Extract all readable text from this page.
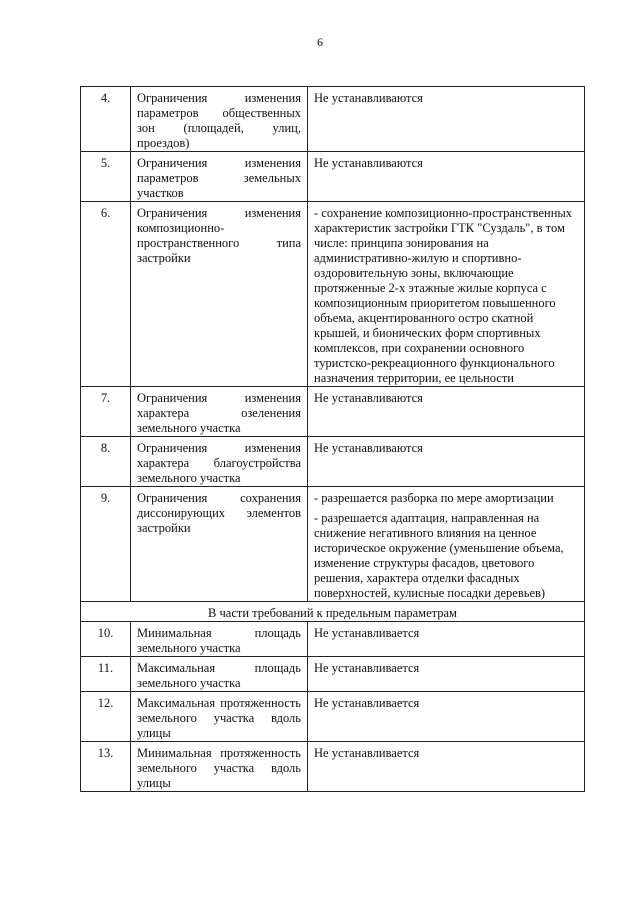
6
4.	Ограничения изменения параметров общественных зон (площадей, улиц, проездов)	Не устанавливаются

5.	Ограничения изменения параметров земельных участков	Не устанавливаются

6.	Ограничения изменения композиционно-пространственного типа застройки	- сохранение композиционно-пространственных характеристик застройки ГТК "Суздаль", в том числе: принципа зонирования на административно-жилую и спортивно-оздоровительную зоны, включающие протяженные 2-х этажные жилые корпуса с композиционным приоритетом повышенного объема, акцентированного остро скатной крышей, и бионических форм спортивных комплексов, при сохранении основного туристско-рекреационного функционального назначения территории, ее цельности

7.	Ограничения изменения характера озеленения земельного участка	Не устанавливаются

8.	Ограничения изменения характера благоустройства земельного участка	Не устанавливаются

9.	Ограничения сохранения диссонирующих элементов застройки	- разрешается разборка по мере амортизации
- разрешается адаптация, направленная на снижение негативного влияния на ценное историческое окружение (уменьшение объема, изменение структуры фасадов, цветового решения, характера отделки фасадных поверхностей, кулисные посадки деревьев)

В части требований к предельным параметрам		
10.	Минимальная площадь земельного участка	Не устанавливается

11.	Максимальная площадь земельного участка	Не устанавливается

12.	Максимальная протяженность земельного участка вдоль улицы	Не устанавливается

13.	Минимальная протяженность земельного участка вдоль улицы	Не устанавливается
